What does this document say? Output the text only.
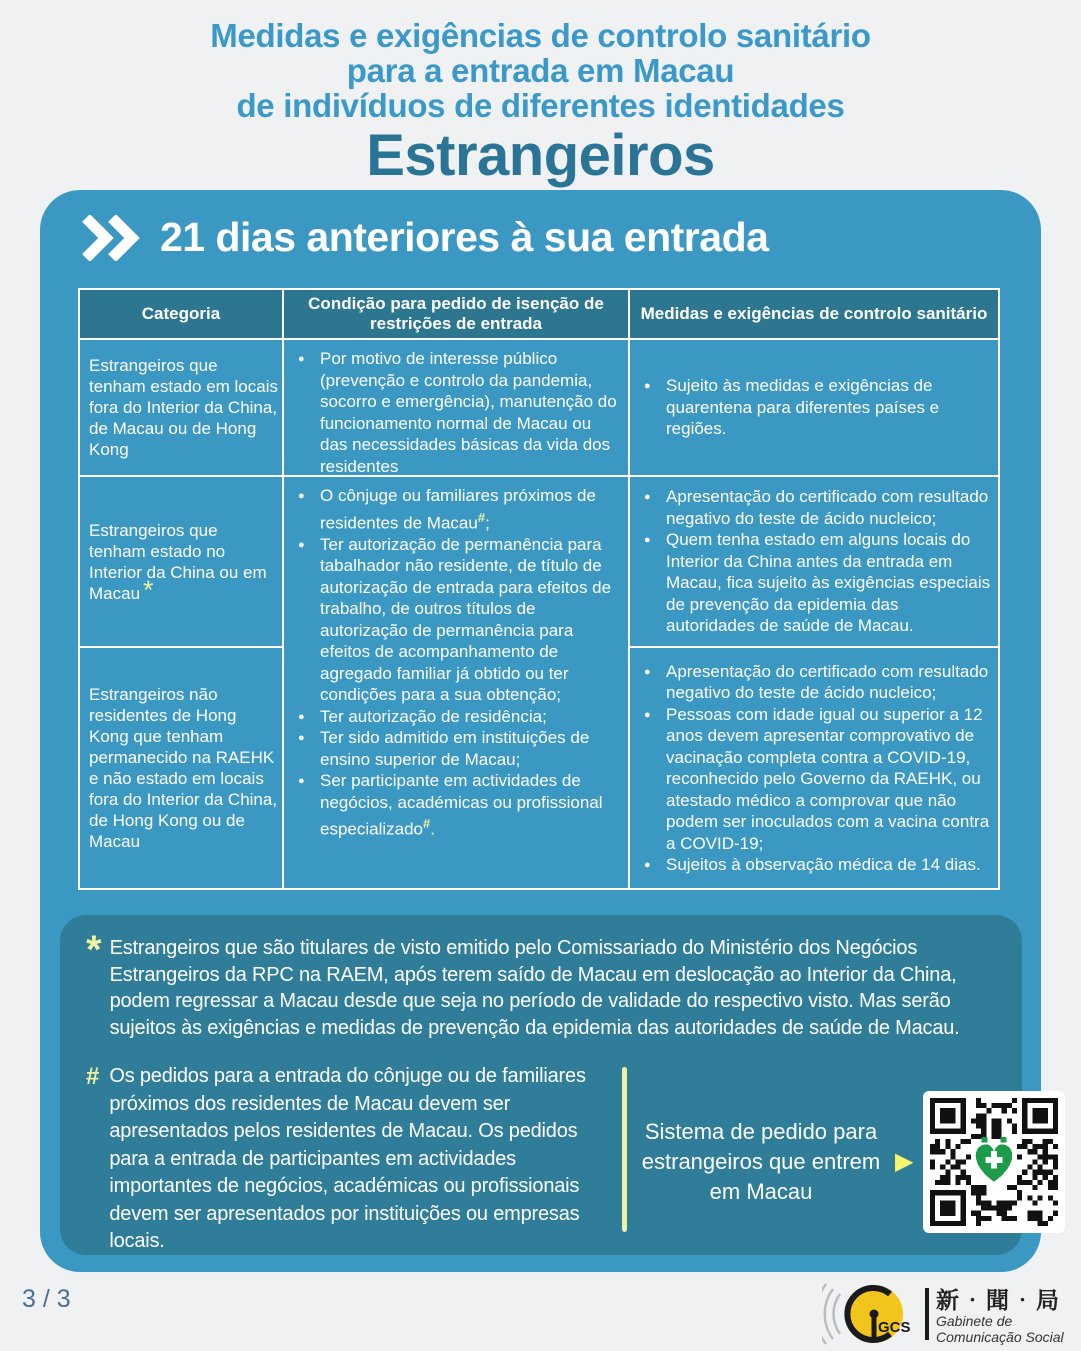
Medidas e exigências de controlo sanitário
para a entrada em Macau
de indivíduos de diferentes identidades
Estrangeiros
21 dias anteriores à sua entrada
Categoria
Condição para pedido de isenção de restrições de entrada
Medidas e exigências de controlo sanitário
Estrangeiros que tenham estado em locais fora do Interior da China, de Macau ou de Hong Kong
● Por motivo de interesse público (prevenção e controlo da pandemia, socorro e emergência), manutenção do funcionamento normal de Macau ou das necessidades básicas da vida dos residentes
● Sujeito às medidas e exigências de quarentena para diferentes países e regiões.
Estrangeiros que tenham estado no Interior da China ou em Macau *
● O cônjuge ou familiares próximos de residentes de Macau#;
● Ter autorização de permanência para tabalhador não residente, de título de autorização de entrada para efeitos de trabalho, de outros títulos de autorização de permanência para efeitos de acompanhamento de agregado familiar já obtido ou ter condições para a sua obtenção;
● Ter autorização de residência;
● Ter sido admitido em instituições de ensino superior de Macau;
● Ser participante em actividades de negócios, académicas ou profissional especializado#.
● Apresentação do certificado com resultado negativo do teste de ácido nucleico;
● Quem tenha estado em alguns locais do Interior da China antes da entrada em Macau, fica sujeito às exigências especiais de prevenção da epidemia das autoridades de saúde de Macau.
Estrangeiros não residentes de Hong Kong que tenham permanecido na RAEHK e não estado em locais fora do Interior da China, de Hong Kong ou de Macau
● Apresentação do certificado com resultado negativo do teste de ácido nucleico;
● Pessoas com idade igual ou superior a 12 anos devem apresentar comprovativo de vacinação completa contra a COVID-19, reconhecido pelo Governo da RAEHK, ou atestado médico a comprovar que não podem ser inoculados com a vacina contra a COVID-19;
● Sujeitos à observação médica de 14 dias.
* Estrangeiros que são titulares de visto emitido pelo Comissariado do Ministério dos Negócios Estrangeiros da RPC na RAEM, após terem saído de Macau em deslocação ao Interior da China, podem regressar a Macau desde que seja no período de validade do respectivo visto. Mas serão sujeitos às exigências e medidas de prevenção da epidemia das autoridades de saúde de Macau.

# Os pedidos para a entrada do cônjuge ou de familiares próximos dos residentes de Macau devem ser apresentados pelos residentes de Macau. Os pedidos para a entrada de participantes em actividades importantes de negócios, académicas ou profissionais devem ser apresentados por instituições ou empresas locais.

Sistema de pedido para estrangeiros que entrem em Macau

▶
3 / 3
GCS
新‧聞‧局
Gabinete de
Comunicação Social
